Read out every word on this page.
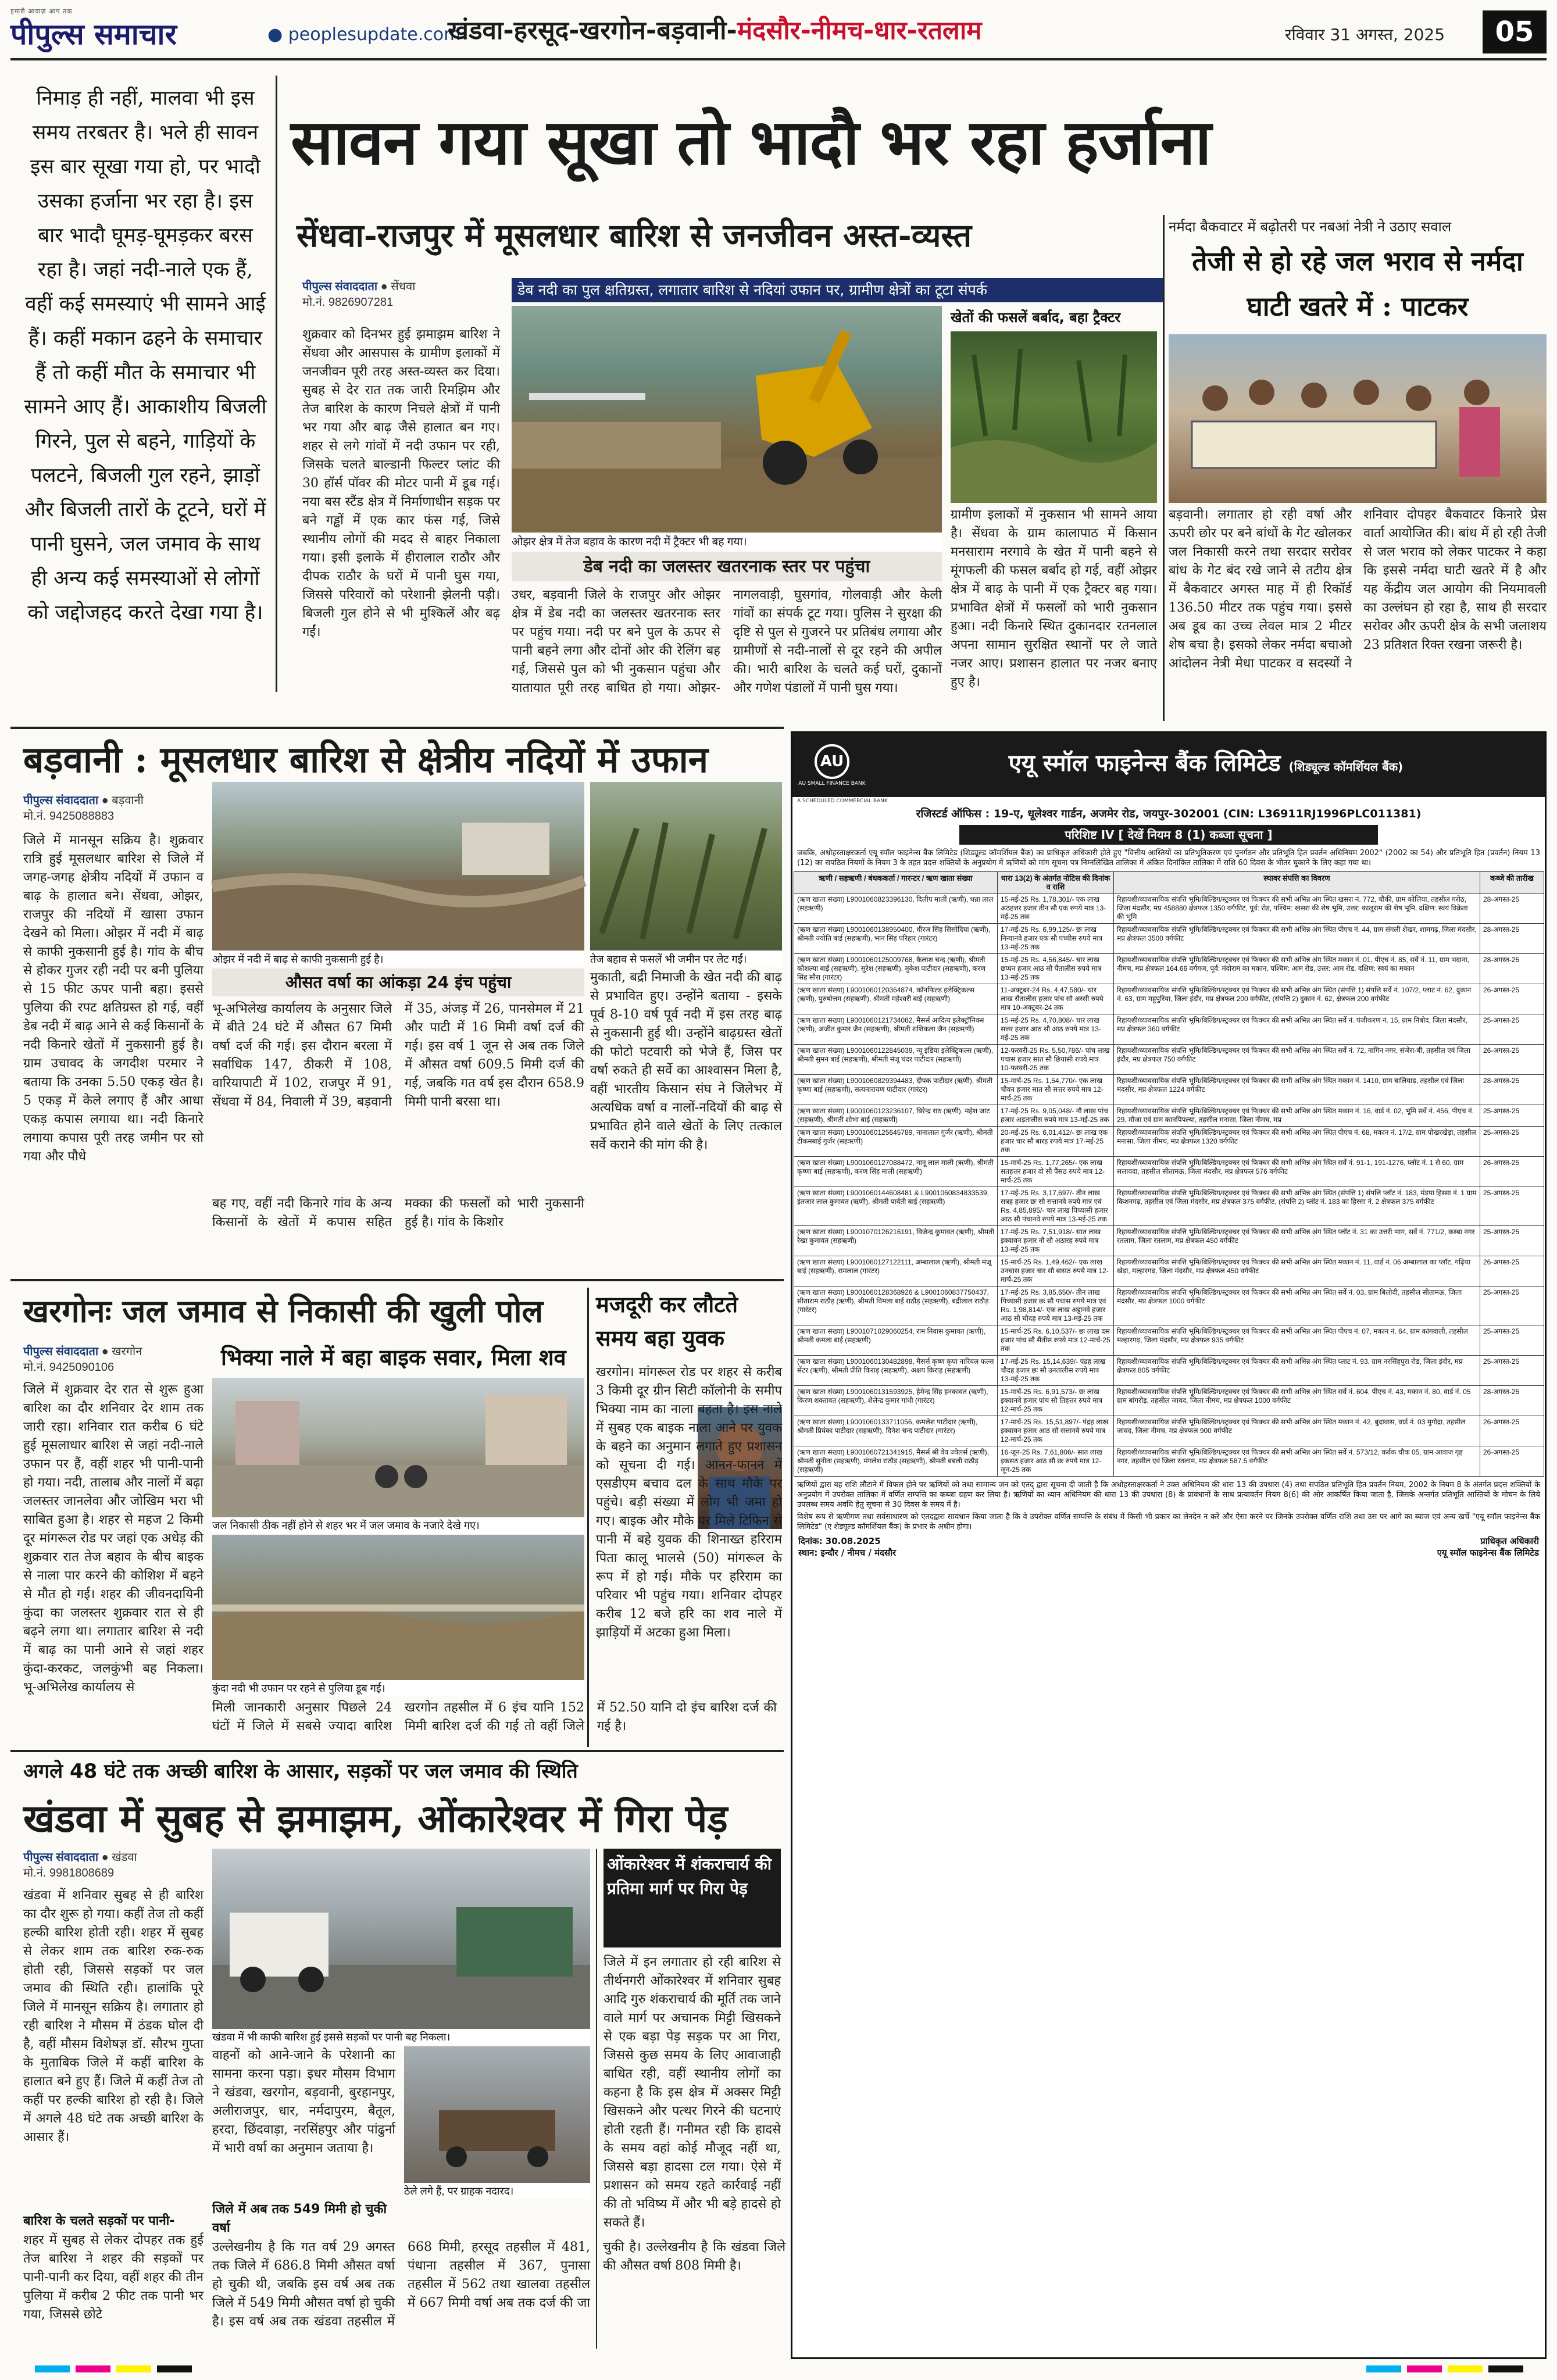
हमारी आवाज़ आप तक
पीपुल्स समाचार	● peoplesupdate.com
खंडवा-हरसूद-खरगोन-बड़वानी-मंदसौर-नीमच-धार-रतलाम	रविवार 31 अगस्त, 2025	05
निमाड़ ही नहीं, मालवा भी इस समय तरबतर है। भले ही सावन इस बार सूखा गया हो, पर भादौ उसका हर्जाना भर रहा है। इस बार भादौ घूमड़-घूमड़कर बरस रहा है। जहां नदी-नाले एक हैं, वहीं कई समस्याएं भी सामने आई हैं। कहीं मकान ढहने के समाचार हैं तो कहीं मौत के समाचार भी सामने आए हैं। आकाशीय बिजली गिरने, पुल से बहने, गाड़ियों के पलटने, बिजली गुल रहने, झाड़ों और बिजली तारों के टूटने, घरों में पानी घुसने, जल जमाव के साथ ही अन्य कई समस्याओं से लोगों को जद्दोजहद करते देखा गया है।
सावन गया सूखा तो भादौ भर रहा हर्जाना
सेंधवा-राजपुर में मूसलधार बारिश से जनजीवन अस्त-व्यस्त
पीपुल्स संवाददाता ● सेंधवा
मो.नं. 9826907281
शुक्रवार को दिनभर हुई झमाझम बारिश ने सेंधवा और आसपास के ग्रामीण इलाकों में जनजीवन पूरी तरह अस्त-व्यस्त कर दिया। सुबह से देर रात तक जारी रिमझिम और तेज बारिश के कारण निचले क्षेत्रों में पानी भर गया और बाढ़ जैसे हालात बन गए। शहर से लगे गांवों में नदी उफान पर रही, जिसके चलते बाल्डानी फिल्टर प्लांट की 30 हॉर्स पॉवर की मोटर पानी में डूब गई। नया बस स्टैंड क्षेत्र में निर्माणाधीन सड़क पर बने गड्ढों में एक कार फंस गई, जिसे स्थानीय लोगों की मदद से बाहर निकाला गया। इसी इलाके में हीरालाल राठौर और दीपक राठौर के घरों में पानी घुस गया, जिससे परिवारों को परेशानी झेलनी पड़ी। बिजली गुल होने से भी मुश्किलें और बढ़ गईं।
डेब नदी का पुल क्षतिग्रस्त, लगातार बारिश से नदियां उफान पर, ग्रामीण क्षेत्रों का टूटा संपर्क
ओझर क्षेत्र में तेज बहाव के कारण नदी में ट्रैक्टर भी बह गया।
डेब नदी का जलस्तर खतरनाक स्तर पर पहुंचा
उधर, बड़वानी जिले के राजपुर और ओझर क्षेत्र में डेब नदी का जलस्तर खतरनाक स्तर पर पहुंच गया। नदी पर बने पुल के ऊपर से पानी बहने लगा और दोनों ओर की रेलिंग बह गई, जिससे पुल को भी नुकसान पहुंचा और यातायात पूरी तरह बाधित हो गया। ओझर- नागलवाड़ी, घुसगांव, गोलवाड़ी और केली गांवों का संपर्क टूट गया। पुलिस ने सुरक्षा की दृष्टि से पुल से गुजरने पर प्रतिबंध लगाया और ग्रामीणों से नदी-नालों से दूर रहने की अपील की। भारी बारिश के चलते कई घरों, दुकानों और गणेश पंडालों में पानी घुस गया।
खेतों की फसलें बर्बाद, बहा ट्रैक्टर
ग्रामीण इलाकों में नुकसान भी सामने आया है। सेंधवा के ग्राम कालापाठ में किसान मनसाराम नरगावे के खेत में पानी बहने से मूंगफली की फसल बर्बाद हो गई, वहीं ओझर क्षेत्र में बाढ़ के पानी में एक ट्रैक्टर बह गया। प्रभावित क्षेत्रों में फसलों को भारी नुकसान हुआ। नदी किनारे स्थित दुकानदार रतनलाल अपना सामान सुरक्षित स्थानों पर ले जाते नजर आए। प्रशासन हालात पर नजर बनाए हुए है।
नर्मदा बैकवाटर में बढ़ोतरी पर नबआं नेत्री ने उठाए सवाल
तेजी से हो रहे जल भराव से नर्मदा घाटी खतरे में : पाटकर
बड़वानी। लगातार हो रही वर्षा और ऊपरी छोर पर बने बांधों के गेट खोलकर जल निकासी करने तथा सरदार सरोवर बांध के गेट बंद रखे जाने से तटीय क्षेत्र में बैकवाटर अगस्त माह में ही रिकॉर्ड 136.50 मीटर तक पहुंच गया। इससे अब डूब का उच्च लेवल मात्र 2 मीटर शेष बचा है। इसको लेकर नर्मदा बचाओ आंदोलन नेत्री मेधा पाटकर व सदस्यों ने शनिवार दोपहर बैकवाटर किनारे प्रेस वार्ता आयोजित की। बांध में हो रही तेजी से जल भराव को लेकर पाटकर ने कहा कि इससे नर्मदा घाटी खतरे में है और यह केंद्रीय जल आयोग की नियमावली का उल्लंघन हो रहा है, साथ ही सरदार सरोवर और ऊपरी क्षेत्र के सभी जलाशय 23 प्रतिशत रिक्त रखना जरूरी है।
बड़वानी : मूसलधार बारिश से क्षेत्रीय नदियों में उफान
पीपुल्स संवाददाता ● बड़वानी
मो.नं. 9425088883
जिले में मानसून सक्रिय है। शुक्रवार रात्रि हुई मूसलधार बारिश से जिले में जगह-जगह क्षेत्रीय नदियों में उफान व बाढ़ के हालात बने। सेंधवा, ओझर, राजपुर की नदियों में खासा उफान देखने को मिला। ओझर में नदी में बाढ़ से काफी नुकसानी हुई है। गांव के बीच से होकर गुजर रही नदी पर बनी पुलिया से 15 फीट ऊपर पानी बहा। इससे पुलिया की रपट क्षतिग्रस्त हो गई, वहीं डेब नदी में बाढ़ आने से कई किसानों के नदी किनारे खेतों में नुकसानी हुई है। ग्राम उचावद के जगदीश परमार ने बताया कि उनका 5.50 एकड़ खेत है। 5 एकड़ में केले लगाए हैं और आधा एकड़ कपास लगाया था। नदी किनारे लगाया कपास पूरी तरह जमीन पर सो गया और पौधे
ओझर में नदी में बाढ़ से काफी नुकसानी हुई है।	तेज बहाव से फसलें भी जमीन पर लेट गईं।
औसत वर्षा का आंकड़ा 24 इंच पहुंचा
भू-अभिलेख कार्यालय के अनुसार जिले में बीते 24 घंटे में औसत 67 मिमी वर्षा दर्ज की गई। इस दौरान बरला में सर्वाधिक 147, ठीकरी में 108, वारियापाटी में 102, राजपुर में 91, सेंधवा में 84, निवाली में 39, बड़वानी में 35, अंजड़ में 26, पानसेमल में 21 और पाटी में 16 मिमी वर्षा दर्ज की गई। इस वर्ष 1 जून से अब तक जिले में औसत वर्षा 609.5 मिमी दर्ज की गई, जबकि गत वर्ष इस दौरान 658.9 मिमी पानी बरसा था।
बह गए, वहीं नदी किनारे गांव के अन्य किसानों के खेतों में कपास सहित मक्का की फसलों को भारी नुकसानी हुई है। गांव के किशोर
मुकाती, बद्री निमाजी के खेत नदी की बाढ़ से प्रभावित हुए। उन्होंने बताया - इसके पूर्व 8-10 वर्ष पूर्व नदी में इस तरह बाढ़ से नुकसानी हुई थी। उन्होंने बाढ़ग्रस्त खेतों की फोटो पटवारी को भेजे हैं, जिस पर वर्षा रुकते ही सर्वे का आश्वासन मिला है, वहीं भारतीय किसान संघ ने जिलेभर में अत्यधिक वर्षा व नालों-नदियों की बाढ़ से प्रभावित होने वाले खेतों के लिए तत्काल सर्वे कराने की मांग की है।
खरगोनः जल जमाव से निकासी की खुली पोल
पीपुल्स संवाददाता ● खरगोन
मो.नं. 9425090106
जिले में शुक्रवार देर रात से शुरू हुआ बारिश का दौर शनिवार देर शाम तक जारी रहा। शनिवार रात करीब 6 घंटे हुई मूसलाधार बारिश से जहां नदी-नाले उफान पर हैं, वहीं शहर भी पानी-पानी हो गया। नदी, तालाब और नालों में बढ़ा जलस्तर जानलेवा और जोखिम भरा भी साबित हुआ है। शहर से महज 2 किमी दूर मांगरूल रोड पर जहां एक अधेड़ की शुक्रवार रात तेज बहाव के बीच बाइक से नाला पार करने की कोशिश में बहने से मौत हो गई। शहर की जीवनदायिनी कुंदा का जलस्तर शुक्रवार रात से ही बढ़ने लगा था। लगातार बारिश से नदी में बाढ़ का पानी आने से जहां शहर कुंदा-करकट, जलकुंभी बह निकला। भू-अभिलेख कार्यालय से
भिक्या नाले में बहा बाइक सवार, मिला शव
जल निकासी ठीक नहीं होने से शहर भर में जल जमाव के नजारे देखे गए।
कुंदा नदी भी उफान पर रहने से पुलिया डूब गई।
मिली जानकारी अनुसार पिछले 24 घंटों में जिले में सबसे ज्यादा बारिश खरगोन तहसील में 6 इंच यानि 152 मिमी बारिश दर्ज की गई तो वहीं जिले में 52.50 यानि दो इंच बारिश दर्ज की गई है।
मजदूरी कर लौटते समय बहा युवक
खरगोन। मांगरूल रोड पर शहर से करीब 3 किमी दूर ग्रीन सिटी कॉलोनी के समीप भिक्या नाम का नाला बहता है। इस नाले में सुबह एक बाइक नाला आने पर युवक के बहने का अनुमान लगाते हुए प्रशासन को सूचना दी गई। आनन-फानन में एसडीएम बचाव दल के साथ मौके पर पहुंचे। बड़ी संख्या में लोग भी जमा हो गए। बाइक और मौके पर मिले टिफिन से पानी में बहे युवक की शिनाख्त हरिराम पिता कालू भालसे (50) मांगरूल के रूप में हो गई। मौके पर हरिराम का परिवार भी पहुंच गया। शनिवार दोपहर करीब 12 बजे हरि का शव नाले में झाड़ियों में अटका हुआ मिला।
अगले 48 घंटे तक अच्छी बारिश के आसार, सड़कों पर जल जमाव की स्थिति
खंडवा में सुबह से झमाझम, ओंकारेश्वर में गिरा पेड़
पीपुल्स संवाददाता ● खंडवा
मो.नं. 9981808689
खंडवा में शनिवार सुबह से ही बारिश का दौर शुरू हो गया। कहीं तेज तो कहीं हल्की बारिश होती रही। शहर में सुबह से लेकर शाम तक बारिश रुक-रुक होती रही, जिससे सड़कों पर जल जमाव की स्थिति रही। हालांकि पूरे जिले में मानसून सक्रिय है। लगातार हो रही बारिश ने मौसम में ठंडक घोल दी है, वहीं मौसम विशेषज्ञ डॉ. सौरभ गुप्ता के मुताबिक जिले में कहीं बारिश के हालात बने हुए हैं। जिले में कहीं तेज तो कहीं पर हल्की बारिश हो रही है। जिले में अगले 48 घंटे तक अच्छी बारिश के आसार हैं।
बारिश के चलते सड़कों पर पानी-
शहर में सुबह से लेकर दोपहर तक हुई तेज बारिश ने शहर की सड़कों पर पानी-पानी कर दिया, वहीं शहर की तीन पुलिया में करीब 2 फीट तक पानी भर गया, जिससे छोटे
खंडवा में भी काफी बारिश हुई इससे सड़कों पर पानी बह निकला।
वाहनों को आने-जाने के परेशानी का सामना करना पड़ा। इधर मौसम विभाग ने खंडवा, खरगोन, बड़वानी, बुरहानपुर, अलीराजपुर, धार, नर्मदापुरम, बैतूल, हरदा, छिंदवाड़ा, नरसिंहपुर और पांढुर्ना में भारी वर्षा का अनुमान जताया है।
ठेले लगे हैं, पर ग्राहक नदारद।
जिले में अब तक 549 मिमी हो चुकी वर्षा
उल्लेखनीय है कि गत वर्ष 29 अगस्त तक जिले में 686.8 मिमी औसत वर्षा हो चुकी थी, जबकि इस वर्ष अब तक जिले में 549 मिमी औसत वर्षा हो चुकी है। इस वर्ष अब तक खंडवा तहसील में 668 मिमी, हरसूद तहसील में 481, पंधाना तहसील में 367, पुनासा तहसील में 562 तथा खालवा तहसील में 667 मिमी वर्षा अब तक दर्ज की जा चुकी है। उल्लेखनीय है कि खंडवा जिले की औसत वर्षा 808 मिमी है।
ओंकारेश्वर में शंकराचार्य की प्रतिमा मार्ग पर गिरा पेड़
जिले में इन लगातार हो रही बारिश से तीर्थनगरी ओंकारेश्वर में शनिवार सुबह आदि गुरु शंकराचार्य की मूर्ति तक जाने वाले मार्ग पर अचानक मिट्टी खिसकने से एक बड़ा पेड़ सड़क पर आ गिरा, जिससे कुछ समय के लिए आवाजाही बाधित रही, वहीं स्थानीय लोगों का कहना है कि इस क्षेत्र में अक्सर मिट्टी खिसकने और पत्थर गिरने की घटनाएं होती रहती हैं। गनीमत रही कि हादसे के समय वहां कोई मौजूद नहीं था, जिससे बड़ा हादसा टल गया। ऐसे में प्रशासन को समय रहते कार्रवाई नहीं की तो भविष्य में और भी बड़े हादसे हो सकते हैं।
AU
AU SMALL FINANCE BANK
एयू स्मॉल फाइनेन्स बैंक लिमिटेड (शिड्यूल्ड कॉमर्शियल बैंक)
A SCHEDULED COMMERCIAL BANK
रजिस्टर्ड ऑफिस : 19-ए, धूलेश्वर गार्डन, अजमेर रोड, जयपुर-302001 (CIN: L36911RJ1996PLC011381)
परिशिष्ट IV [ देखें नियम 8 (1) कब्जा सूचना ]
जबकि, अधोहस्ताक्षरकर्ता एयू स्मॉल फाइनेन्स बैंक लिमिटेड (शिड्यूल्ड कॉमर्शियल बैंक) का प्राधिकृत अधिकारी होते हुए "वित्तीय आस्तियों का प्रतिभूतिकरण एवं पुनर्गठन और प्रतिभूति हित प्रवर्तन अधिनियम 2002" (2002 का 54) और प्रतिभूति हित (प्रवर्तन) नियम 13 (12) का सपठित नियमों के नियम 3 के तहत प्रदत्त शक्तियों के अनुप्रयोग में ऋणियों को मांग सूचना पत्र निम्नलिखित तालिका में अंकित दिनांकित तालिका में राशि 60 दिवस के भीतर चुकाने के लिए कहा गया था।
ऋणी / सहऋणी / बंधककर्ता / गारन्टर / ऋण खाता संख्या	धारा 13(2) के अंतर्गत नोटिस की दिनांक व राशि	स्थावर संपत्ति का विवरण	कब्जे की तारीख
(ऋण खाता संख्या) L9001060823396130, दिलीप मालीं (ऋणी), धन्ना लाल (सहऋणी)	15-मई-25 Rs. 1,78,301/- एक लाख अठहत्तर हजार तीन सौ एक रुपये मात्र 13-मई-25 तक	रिहायशी/व्यावसायिक संपत्ति भूमि/बिल्डिंग/स्ट्रक्चर एवं फिक्चर की सभी अभिन्न अंग स्थित खसरा नं. 772, चौकी, ग्राम कोलिया, तहसील गरोठ, जिला मंदसौर, मप्र 458880 क्षेत्रफल 1350 वर्गफीट, पूर्व: रोड, पश्चिम: खसरा की शेष भूमि, उत्तर: कालूराम की शेष भूमि, दक्षिण: स्वयं विक्रेता की भूमि	28-अगस्त-25
(ऋण खाता संख्या) L9001060138950400, धीरज सिंह सिसोदिया (ऋणी), श्रीमती ज्योति बाई (सहऋणी), भान सिंह परिहार (गारंटर)	17-मई-25 Rs. 6,99,125/- छः लाख निन्यानवे हजार एक सौ पच्चीस रुपये मात्र 13-मई-25 तक	रिहायशी/व्यावसायिक संपत्ति भूमि/बिल्डिंग/स्ट्रक्चर एवं फिक्चर की सभी अभिन्न अंग स्थित पीएच नं. 44, ग्राम संगली शेखर, शामगढ़, जिला मंदसौर, मप्र क्षेत्रफल 3500 वर्गफीट	28-अगस्त-25
(ऋण खाता संख्या) L9001060125009768, कैलाश चन्द (ऋणी), श्रीमती कौशल्या बाई (सहऋणी), सुरेश (सहऋणी), मुकेश पाटीदार (सहऋणी), करण सिंह सौरा (गारंटर)	15-मई-25 Rs. 4,56,845/- चार लाख छप्पन हजार आठ सौ पैंतालीस रुपये मात्र 13-मई-25 तक	रिहायशी/व्यावसायिक संपत्ति भूमि/बिल्डिंग/स्ट्रक्चर एवं फिक्चर की सभी अभिन्न अंग स्थित मकान नं. 01, पीएच नं. 85, सर्वे नं. 11, ग्राम भदाना, नीमच, मप्र क्षेत्रफल 164.66 वर्गगज, पूर्व: मंदोराम का मकान, पश्चिम: आम रोड, उत्तर: आम रोड, दक्षिण: स्वयं का मकान	28-अगस्त-25
(ऋण खाता संख्या) L9001060120364874, कॉनफिल्ड इलेक्ट्रिकल्स (ऋणी), पुरुषोत्तम (सहऋणी), श्रीमती महेश्वरी बाई (सहऋणी)	11-अक्टूबर-24 Rs. 4,47,580/- चार लाख सैंतालीस हजार पांच सौ अस्सी रुपये मात्र 10-अक्टूबर-24 तक	रिहायशी/व्यावसायिक संपत्ति भूमि/बिल्डिंग/स्ट्रक्चर एवं फिक्चर की सभी अभिन्न अंग स्थित (संपत्ति 1) संपत्ति सर्वे नं. 107/2, प्लाट नं. 62, दुकान नं. 63, ग्राम महूपुरिया, जिला इंदौर, मप्र क्षेत्रफल 200 वर्गफीट, (संपत्ति 2) दुकान नं. 62, क्षेत्रफल 200 वर्गफीट	26-अगस्त-25
(ऋण खाता संख्या) L9001060121734082, मैसर्स आदित्य इलेक्ट्रॉनिक्स (ऋणी), अजीत कुमार जैन (सहऋणी), श्रीमती शशिकला जैन (सहऋणी)	15-मई-25 Rs. 4,70,808/- चार लाख सत्तर हजार आठ सौ आठ रुपये मात्र 13-मई-25 तक	रिहायशी/व्यावसायिक संपत्ति भूमि/बिल्डिंग/स्ट्रक्चर एवं फिक्चर की सभी अभिन्न अंग स्थित सर्वे नं. पंजीकरण नं. 15, ग्राम निंबोद, जिला मंदसौर, मप्र क्षेत्रफल 360 वर्गफीट	25-अगस्त-25
(ऋण खाता संख्या) L9001060122845039, न्यू इंडिया इलेक्ट्रिकल्स (ऋणी), श्रीमती सुमन बाई (सहऋणी), श्रीमती मंजू चंदर पाटीदार (सहऋणी)	12-फरवरी-25 Rs. 5,50,786/- पांच लाख पचास हजार सात सौ छियासी रुपये मात्र 10-फरवरी-25 तक	रिहायशी/व्यावसायिक संपत्ति भूमि/बिल्डिंग/स्ट्रक्चर एवं फिक्चर की सभी अभिन्न अंग स्थित सर्वे नं. 72, नागिन नगर, संजेरा-बी, तहसील एवं जिला इंदौर, मप्र क्षेत्रफल 750 वर्गफीट	26-अगस्त-25
(ऋण खाता संख्या) L9001060829394483, दीपक पाटीदार (ऋणी), श्रीमती कृष्णा बाई (सहऋणी), सत्यनारायण पाटीदार (गारंटर)	15-मार्च-25 Rs. 1,54,770/- एक लाख चौवन हजार सात सौ सत्तर रुपये मात्र 12-मार्च-25 तक	रिहायशी/व्यावसायिक संपत्ति भूमि/बिल्डिंग/स्ट्रक्चर एवं फिक्चर की सभी अभिन्न अंग स्थित मकान नं. 1410, ग्राम बालियाड़, तहसील एवं जिला मंदसौर, मप्र क्षेत्रफल 1224 वर्गफीट	28-अगस्त-25
(ऋण खाता संख्या) L9001060123236107, बिरेन्द्र राठ (ऋणी), महेश जाट (सहऋणी), श्रीमती शोभा बाई (सहऋणी)	17-मई-25 Rs. 9,05,048/- नौ लाख पांच हजार अड़तालीस रुपये मात्र 13-मई-25 तक	रिहायशी/व्यावसायिक संपत्ति भूमि/बिल्डिंग/स्ट्रक्चर एवं फिक्चर की सभी अभिन्न अंग स्थित मकान नं. 16, वार्ड नं. 02, भूमि सर्वे नं. 456, पीएच नं. 29, मौजा एवं ग्राम कानपिपल्या, तहसील मनासा, जिला नीमच, मप्र	25-अगस्त-25
(ऋण खाता संख्या) L9001060125645789, नानालाल गुर्जर (ऋणी), श्रीमती टीकमबाई गुर्जर (सहऋणी)	20-मई-25 Rs. 6,01,412/- छः लाख एक हजार चार सौ बारह रुपये मात्र 17-मई-25 तक	रिहायशी/व्यावसायिक संपत्ति भूमि/बिल्डिंग/स्ट्रक्चर एवं फिक्चर की सभी अभिन्न अंग स्थित पीएच नं. 68, मकान नं. 17/2, ग्राम पोखरखेड़ा, तहसील मनासा, जिला नीमच, मप्र क्षेत्रफल 1320 वर्गफीट	25-अगस्त-25
(ऋण खाता संख्या) L9001060127088472, नानू लाल माली (ऋणी), श्रीमती कृष्णा बाई (सहऋणी), करण सिंह माली (सहऋणी)	15-मार्च-25 Rs. 1,77,265/- एक लाख सतहत्तर हजार दो सौ पैंसठ रुपये मात्र 12-मार्च-25 तक	रिहायशी/व्यावसायिक संपत्ति भूमि/बिल्डिंग/स्ट्रक्चर एवं फिक्चर की सभी अभिन्न अंग स्थित सर्वे नं. 91-1, 191-1276, प्लॉट नं. 1 से 60, ग्राम सलावदा, तहसील सीतामऊ, जिला मंदसौर, मप्र क्षेत्रफल 576 वर्गफीट	26-अगस्त-25
(ऋण खाता संख्या) L9001060144608481 & L9001060834833539, इंतजार लाल कुमावत (ऋणी), श्रीमती पार्वती बाई (सहऋणी)	17-मई-25 Rs. 3,17,697/- तीन लाख सत्रह हजार छः सौ सत्तानवे रुपये मात्र एवं Rs. 4,85,895/- चार लाख पिच्यासी हजार आठ सौ पंचानवे रुपये मात्र 13-मई-25 तक	रिहायशी/व्यावसायिक संपत्ति भूमि/बिल्डिंग/स्ट्रक्चर एवं फिक्चर की सभी अभिन्न अंग स्थित (संपत्ति 1) संपत्ति प्लॉट नं. 183, मंडपा हिस्सा नं. 1 ग्राम किशनगढ़, तहसील एवं जिला मंदसौर, मप्र क्षेत्रफल 375 वर्गफीट, (संपत्ति 2) प्लॉट नं. 183 का हिस्सा नं. 2 क्षेत्रफल 375 वर्गफीट	25-अगस्त-25
(ऋण खाता संख्या) L9001070126216191, विजेन्द्र कुमावत (ऋणी), श्रीमती रेखा कुमावत (सहऋणी)	17-मई-25 Rs. 7,51,918/- सात लाख इक्यावन हजार नौ सौ अठारह रुपये मात्र 13-मई-25 तक	रिहायशी/व्यावसायिक संपत्ति भूमि/बिल्डिंग/स्ट्रक्चर एवं फिक्चर की सभी अभिन्न अंग स्थित प्लॉट नं. 31 का उत्तरी भाग, सर्वे नं. 771/2, कस्बा नगर रतलाम, जिला रतलाम, मप्र क्षेत्रफल 450 वर्गफीट	25-अगस्त-25
(ऋण खाता संख्या) L9001060127122111, अम्बालाल (ऋणी), श्रीमती मंजू बाई (सहऋणी), रामलाल (गारंटर)	15-मार्च-25 Rs. 1,49,462/- एक लाख उनचास हजार चार सौ बासठ रुपये मात्र 12-मार्च-25 तक	रिहायशी/व्यावसायिक संपत्ति भूमि/बिल्डिंग/स्ट्रक्चर एवं फिक्चर की सभी अभिन्न अंग स्थित मकान नं. 11, वार्ड नं. 06 अम्बालाल का प्लॉट, गढ़िया खेड़ा, मल्हारगढ़, जिला मंदसौर, मप्र क्षेत्रफल 450 वर्गफीट	26-अगस्त-25
(ऋण खाता संख्या) L9001060128368926 & L9001060837750437, सीताराम राठौड़ (ऋणी), श्रीमती विमला बाई राठौड़ (सहऋणी), बद्रीलाल राठौड़ (गारंटर)	17-मई-25 Rs. 3,85,650/- तीन लाख पिच्यासी हजार छः सौ पचास रुपये मात्र एवं Rs. 1,98,814/- एक लाख अट्ठानवे हजार आठ सौ चौदह रुपये मात्र 13-मई-25 तक	रिहायशी/व्यावसायिक संपत्ति भूमि/बिल्डिंग/स्ट्रक्चर एवं फिक्चर की सभी अभिन्न अंग स्थित सर्वे नं. 03, ग्राम बिलोदी, तहसील सीतामऊ, जिला मंदसौर, मप्र क्षेत्रफल 1000 वर्गफीट	25-अगस्त-25
(ऋण खाता संख्या) L9001071029060254, राम निवास कुमावत (ऋणी), श्रीमती कमला बाई (सहऋणी)	15-मार्च-25 Rs. 6,10,537/- छः लाख दस हजार पांच सौ सैंतीस रुपये मात्र 12-मार्च-25 तक	रिहायशी/व्यावसायिक संपत्ति भूमि/बिल्डिंग/स्ट्रक्चर एवं फिक्चर की सभी अभिन्न अंग स्थित पीएच नं. 07, मकान नं. 64, ग्राम कांगवाली, तहसील मल्हारगढ़, जिला मंदसौर, मप्र क्षेत्रफल 935 वर्गफीट	25-अगस्त-25
(ऋण खाता संख्या) L9001060130482898, मैसर्स कृष्ण कृपा नारियल फल्स सेंटर (ऋणी), श्रीमती प्रीति किराड़ (सहऋणी), अक्षय किराड़ (सहऋणी)	17-मई-25 Rs. 15,14,639/- पंद्रह लाख चौदह हजार छः सौ उनतालीस रुपये मात्र 13-मई-25 तक	रिहायशी/व्यावसायिक संपत्ति भूमि/बिल्डिंग/स्ट्रक्चर एवं फिक्चर की सभी अभिन्न अंग स्थित प्लाट नं. 93, ग्राम नरसिंहपुरा रोड, जिला इंदौर, मप्र क्षेत्रफल 805 वर्गफीट	25-अगस्त-25
(ऋण खाता संख्या) L9001060131593925, हेमेन्द्र सिंह हनकावत (ऋणी), किरण शक्तावत (सहऋणी), शैलेन्द्र कुमार गांधी (गारंटर)	15-मार्च-25 Rs. 6,91,573/- छः लाख इक्यानवे हजार पांच सौ तिहत्तर रुपये मात्र 12-मार्च-25 तक	रिहायशी/व्यावसायिक संपत्ति भूमि/बिल्डिंग/स्ट्रक्चर एवं फिक्चर की सभी अभिन्न अंग स्थित सर्वे नं. 604, पीएच नं. 43, मकान नं. 80, वार्ड नं. 05 ग्राम बांगरोड़, तहसील जावद, जिला नीमच, मप्र क्षेत्रफल 1000 वर्गफीट	28-अगस्त-25
(ऋण खाता संख्या) L9001060133711056, कमलेश पाटीदार (ऋणी), श्रीमती प्रियंका पाटीदार (सहऋणी), दिनेश चन्द पाटीदार (गारंटर)	17-मार्च-25 Rs. 15,51,897/- पंद्रह लाख इक्यावन हजार आठ सौ सत्तानवे रुपये मात्र 12-मार्च-25 तक	रिहायशी/व्यावसायिक संपत्ति भूमि/बिल्डिंग/स्ट्रक्चर एवं फिक्चर की सभी अभिन्न अंग स्थित मकान नं. 42, बुदावास, वार्ड नं. 03 मुगोद्रा, तहसील जावद, जिला नीमच, मप्र क्षेत्रफल 900 वर्गफीट	26-अगस्त-25
(ऋण खाता संख्या) L9001060721341915, मैसर्स श्री वेव ज्वेलर्स (ऋणी), श्रीमती सुनीता (सहऋणी), मंगलेश राठौड़ (सहऋणी), श्रीमती बबली राठौड़ (सहऋणी)	16-जून-25 Rs. 7,61,806/- सात लाख इकसठ हजार आठ सौ छः रुपये मात्र 12-जून-25 तक	रिहायशी/व्यावसायिक संपत्ति भूमि/बिल्डिंग/स्ट्रक्चर एवं फिक्चर की सभी अभिन्न अंग स्थित सर्वे नं. 573/12, कर्वक चौक 05, ग्राम आवाज गृह नगर, तहसील एवं जिला रतलाम, मप्र क्षेत्रफल 587.5 वर्गफीट	26-अगस्त-25
ऋणियों द्वारा यह राशि लौटाने में विफल होने पर ऋणियों को तथा सामान्य जन को एतद् द्वारा सूचना दी जाती है कि अधोहस्ताक्षरकर्ता ने उक्त अधिनियम की धारा 13 की उपधारा (4) तथा सपठित प्रतिभूति हित प्रवर्तन नियम, 2002 के नियम 8 के अंतर्गत प्रदत्त शक्तियों के अनुप्रयोग में उपरोक्त तालिका में वर्णित सम्पत्ति का कब्जा ग्रहण कर लिया है। ऋणियों का ध्यान अधिनियम की धारा 13 की उपधारा (8) के प्रावधानों के साथ प्रत्यावर्तन नियम 8(6) की ओर आकर्षित किया जाता है, जिसके अन्तर्गत प्रतिभूति आस्तियों के मोचन के लिये उपलब्ध समय अवधि हेतु सूचना से 30 दिवस के समय में है।
विशेष रूप से ऋणीगण तथा सर्वसाधारण को एतदद्वारा सावधान किया जाता है कि वे उपरोक्त वर्णित सम्पत्ति के संबंध में किसी भी प्रकार का लेनदेन न करें और ऐसा करने पर जिनके उपरोक्त वर्णित राशि तथा उस पर आगे का ब्याज एवं अन्य खर्चे "एयू स्मॉल फाइनेन्स बैंक लिमिटेड" (ए शेड्यूल्ड कॉमर्शियल बैंक) के प्रभार के अधीन होगा।
दिनांक: 30.08.2025
स्थान: इन्दौर / नीमच / मंदसौर
प्राधिकृत अधिकारी
एयू स्मॉल फाइनेन्स बैंक लिमिटेड
